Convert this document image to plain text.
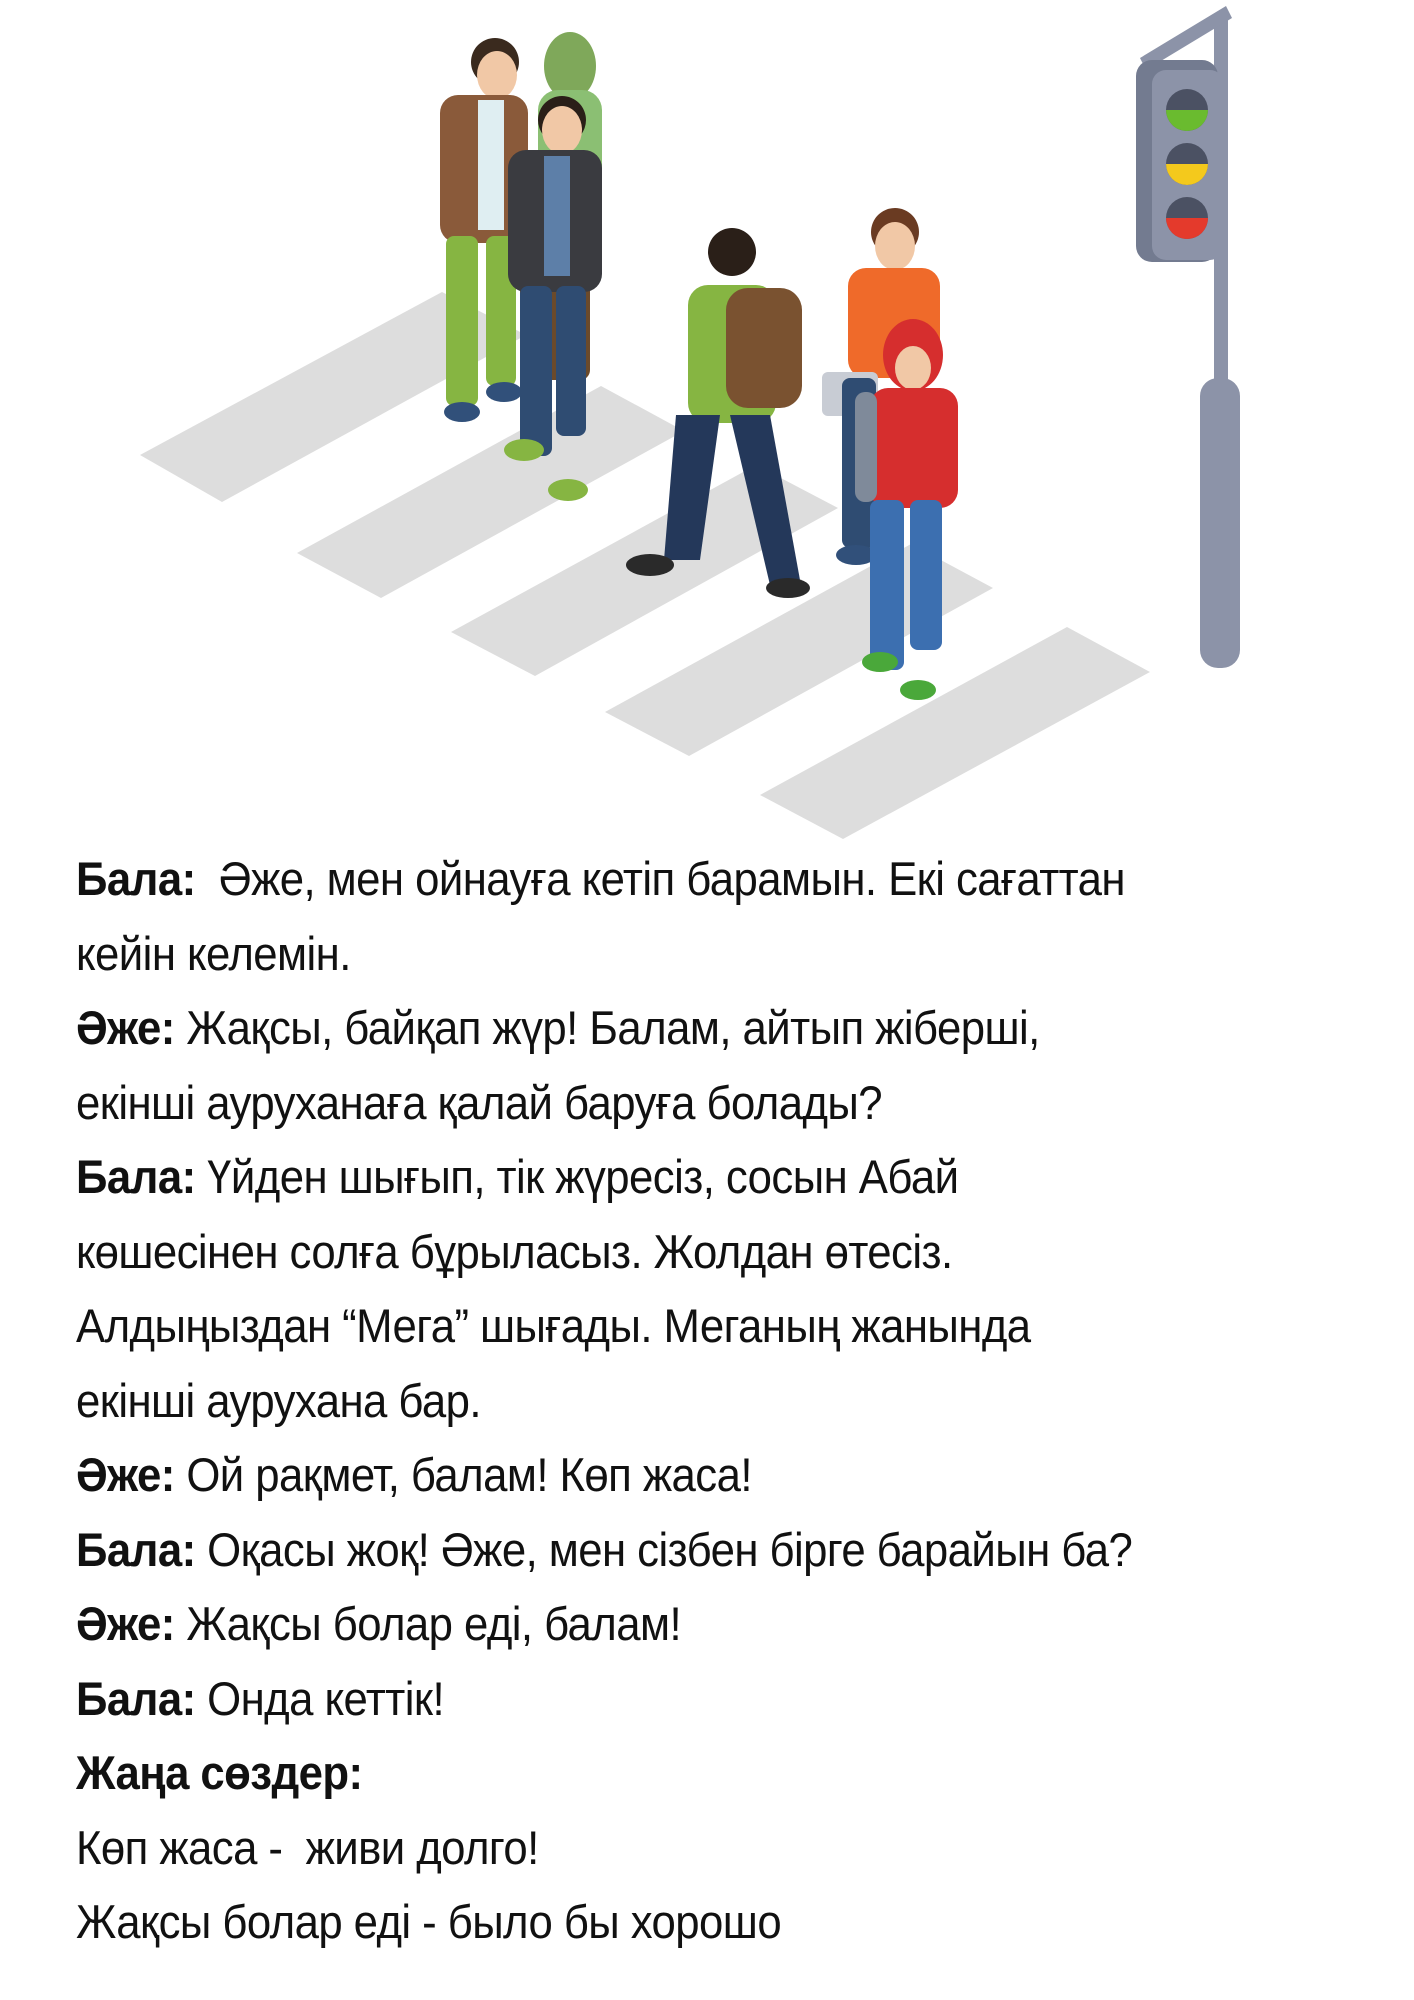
Бала:  Әже, мен ойнауға кетіп барамын. Екі сағаттан
кейін келемін.
Әже: Жақсы, байқап жүр! Балам, айтып жіберші,
екінші ауруханаға қалай баруға болады?
Бала: Үйден шығып, тік жүресіз, сосын Абай
көшесінен солға бұрыласыз. Жолдан өтесіз.
Алдыңыздан “Мега” шығады. Меганың жанында
екінші аурухана бар.
Әже: Ой рақмет, балам! Көп жаса!
Бала: Оқасы жоқ! Әже, мен сізбен бірге барайын ба?
Әже: Жақсы болар еді, балам!
Бала: Онда кеттік!
Жаңа сөздер:
Көп жаса -  живи долго!
Жақсы болар еді - было бы хорошо
